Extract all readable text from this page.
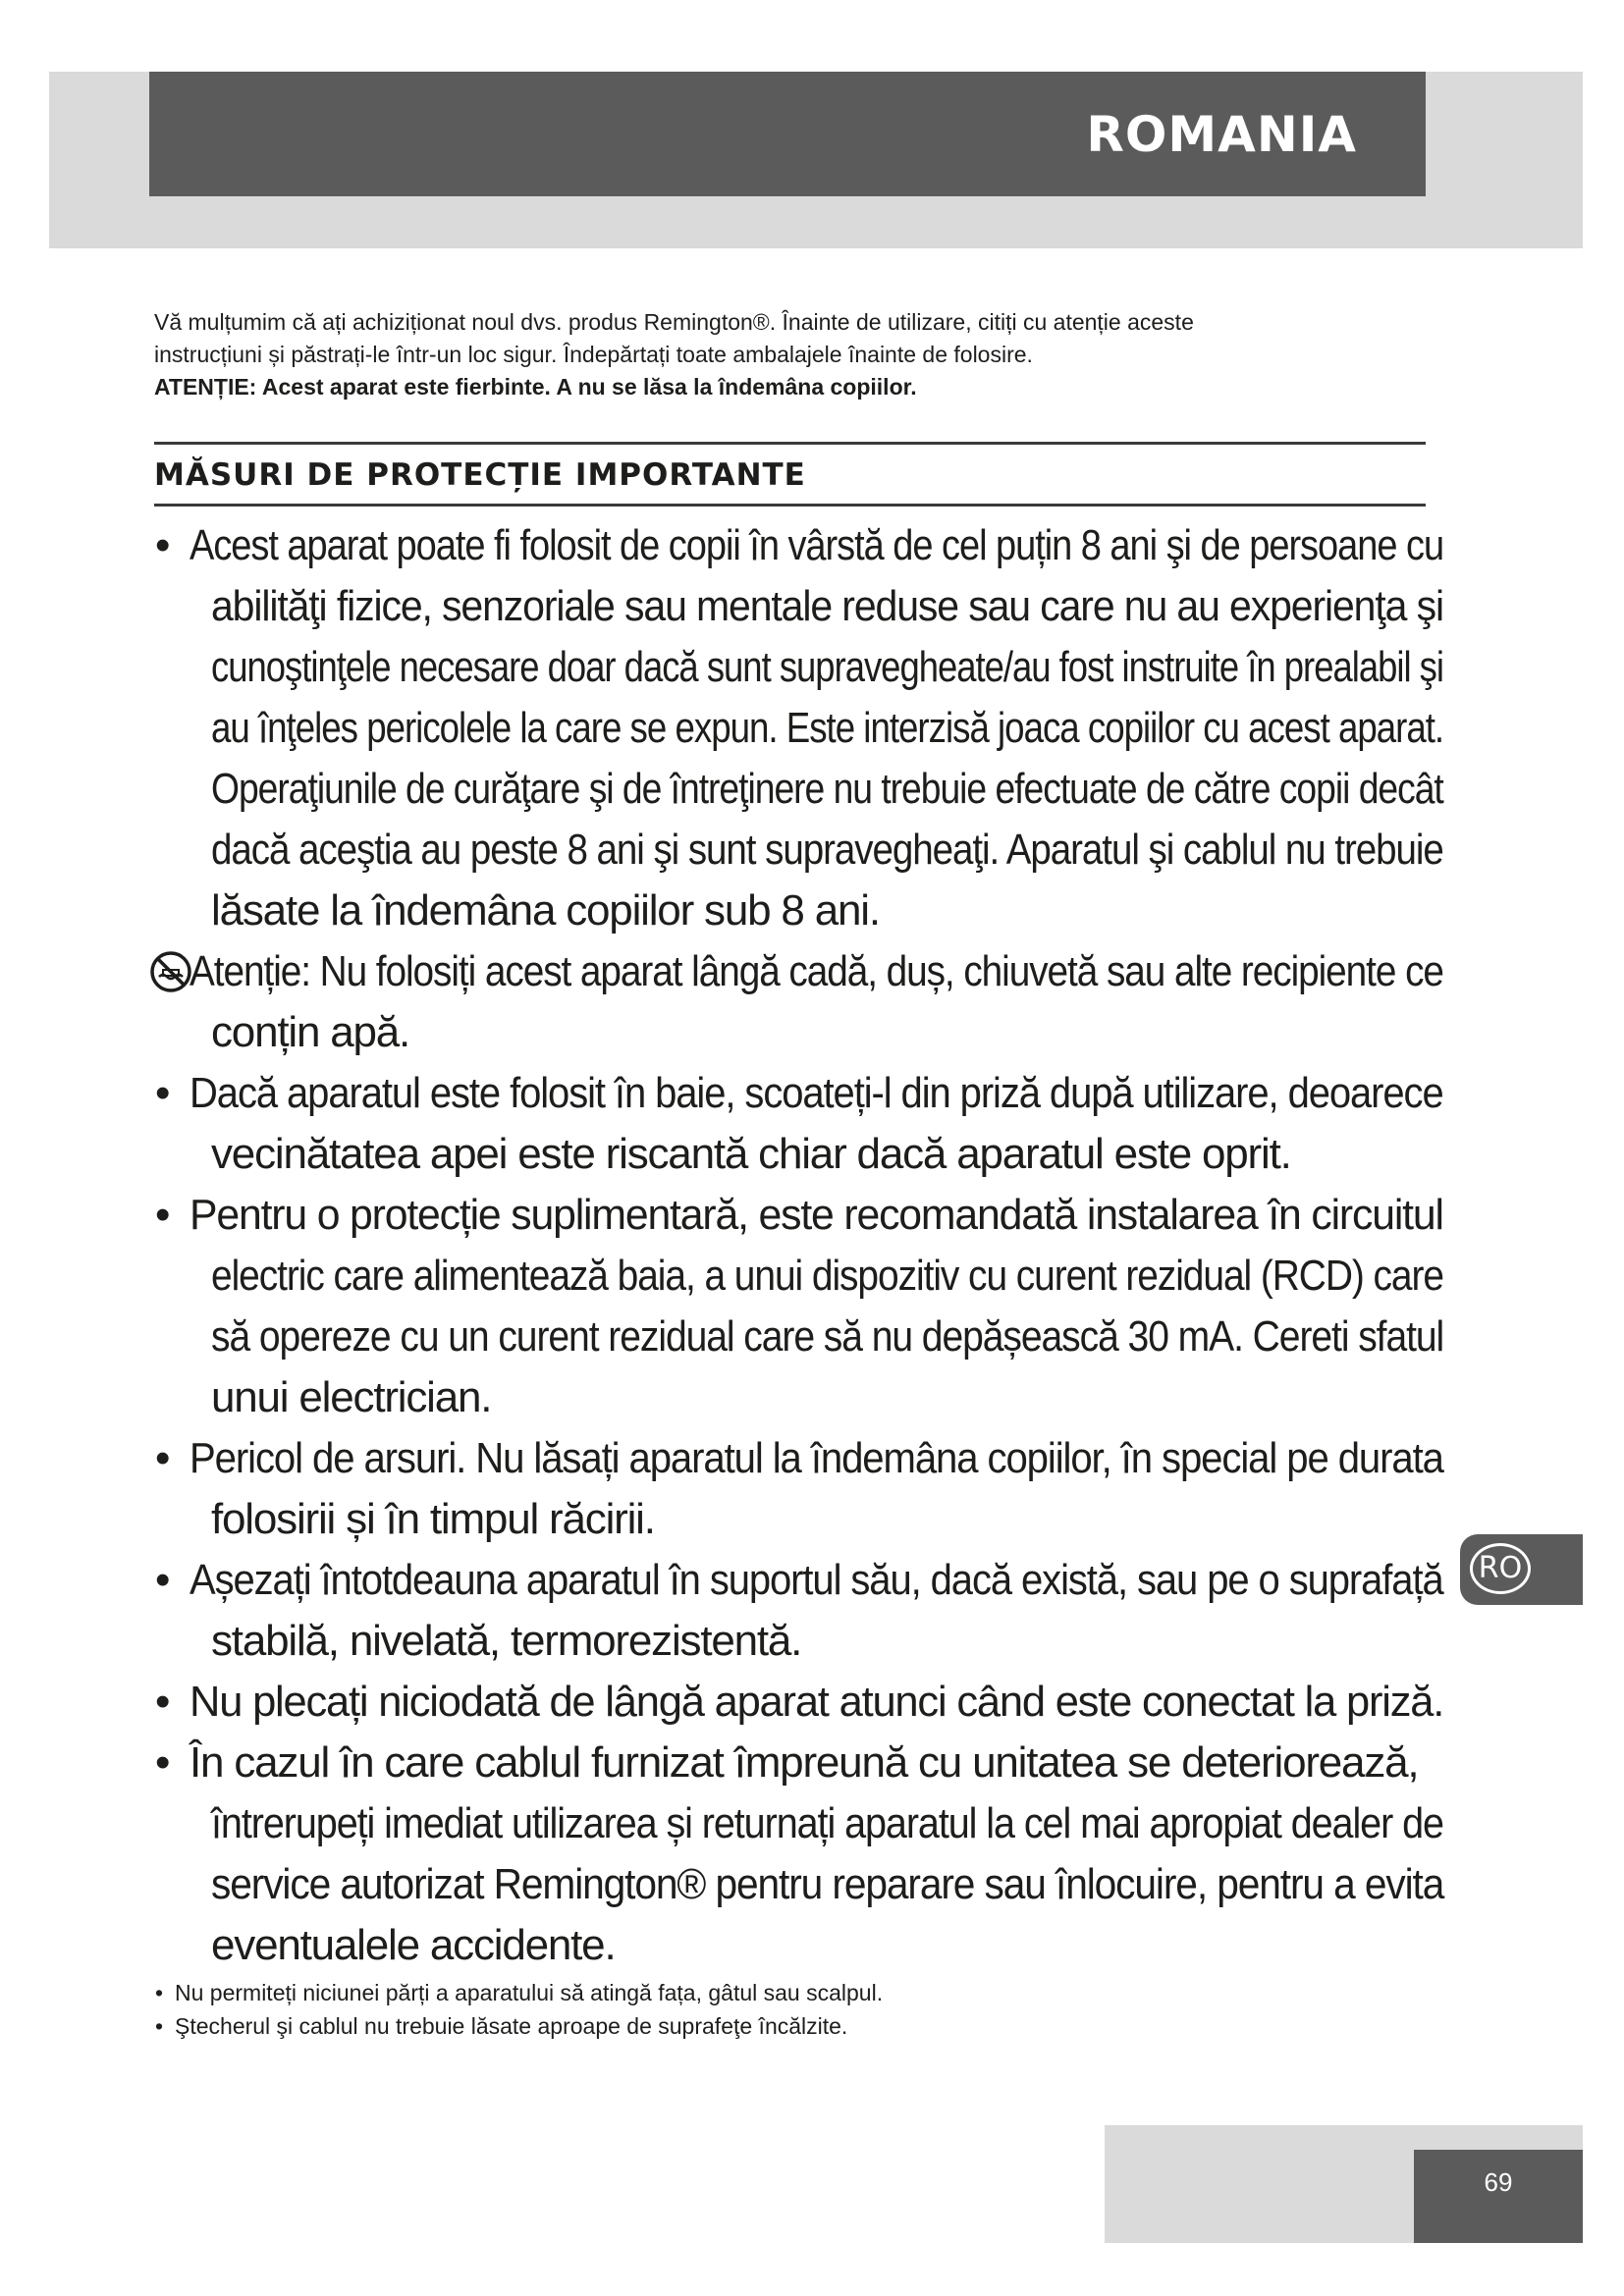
ROMANIA

Vă mulțumim că ați achiziționat noul dvs. produs Remington®. Înainte de utilizare, citiți cu atenție aceste

instrucțiuni și păstrați-le într-un loc sigur. Îndepărtați toate ambalajele înainte de folosire.

ATENȚIE: Acest aparat este fierbinte. A nu se lăsa la îndemâna copiilor.

MĂSURI DE PROTECȚIE IMPORTANTE
• Acest aparat poate fi folosit de copii în vârstă de cel puțin 8 ani şi de persoane cu
abilităţi fizice, senzoriale sau mentale reduse sau care nu au experienţa şi
cunoştinţele necesare doar dacă sunt supravegheate/au fost instruite în prealabil şi
au înţeles pericolele la care se expun. Este interzisă joaca copiilor cu acest aparat.
Operaţiunile de curăţare şi de întreţinere nu trebuie efectuate de către copii decât
dacă aceştia au peste 8 ani şi sunt supravegheaţi. Aparatul şi cablul nu trebuie
lăsate la îndemâna copiilor sub 8 ani.
Atenție: Nu folosiți acest aparat lângă cadă, duș, chiuvetă sau alte recipiente ce
conțin apă.
• Dacă aparatul este folosit în baie, scoateți-l din priză după utilizare, deoarece
vecinătatea apei este riscantă chiar dacă aparatul este oprit.
• Pentru o protecție suplimentară, este recomandată instalarea în circuitul
electric care alimentează baia, a unui dispozitiv cu curent rezidual (RCD) care
să opereze cu un curent rezidual care să nu depășească 30 mA. Cereti sfatul
unui electrician.
• Pericol de arsuri. Nu lăsați aparatul la îndemâna copiilor, în special pe durata
folosirii și în timpul răcirii.
• Așezați întotdeauna aparatul în suportul său, dacă există, sau pe o suprafață
stabilă, nivelată, termorezistentă.
• Nu plecați niciodată de lângă aparat atunci când este conectat la priză.
• În cazul în care cablul furnizat împreună cu unitatea se deteriorează,
întrerupeți imediat utilizarea și returnați aparatul la cel mai apropiat dealer de
service autorizat Remington® pentru reparare sau înlocuire, pentru a evita
eventualele accidente.
• Nu permiteți niciunei părți a aparatului să atingă fața, gâtul sau scalpul.
• Ştecherul şi cablul nu trebuie lăsate aproape de suprafeţe încălzite.
RO
69
